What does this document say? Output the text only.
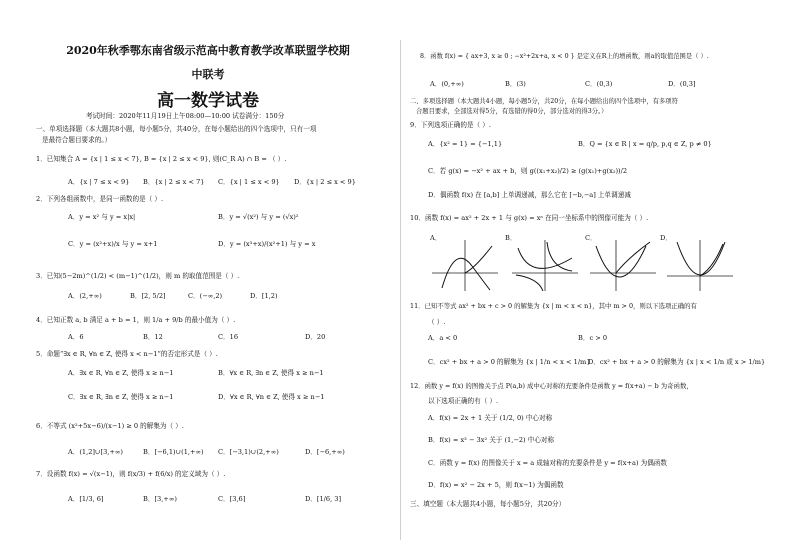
2020年秋季鄂东南省级示范高中教育教学改革联盟学校期
中联考
高一数学试卷
考试时间：2020年11月19日上午08:00—10:00 试卷满分：150分
一、单项选择题（本大题共8小题，每小题5分，共40分，在每小题给出的四个选项中，只有一项
是最符合题目要求的。）
1．已知集合 A = {x | 1 ≤ x < 7}, B = {x | 2 ≤ x < 9}, 则(C_R A) ∩ B = （ ）.
A．{x | 7 ≤ x < 9} B．{x | 2 ≤ x < 7} C．{x | 1 ≤ x < 9} D．{x | 2 ≤ x < 9}
2．下列各组函数中，是同一函数的是（ ）.
A．y = x² 与 y = x|x|	B．y = √(x²) 与 y = (√x)²
C．y = (x²+x)/x 与 y = x+1	D．y = (x³+x)/(x²+1) 与 y = x
3．已知(5−2m)^(1/2) < (m−1)^(1/2)，则 m 的取值范围是（ ）.
A．(2,+∞)	B．[2, 5/2]	C．(−∞,2)	D．[1,2)
4．已知正数 a, b 满足 a + b = 1，则 1/a + 9/b 的最小值为（ ）.
A．6	B．12	C．16	D．20
5．命题“∃x ∈ R, ∀n ∈ Z, 使得 x < n−1”的否定形式是（ ）.
A．∃x ∈ R, ∀n ∈ Z, 使得 x ≥ n−1	B．∀x ∈ R, ∃n ∈ Z, 使得 x ≥ n−1
C．∃x ∈ R, ∃n ∈ Z, 使得 x ≥ n−1	D．∀x ∈ R, ∀n ∈ Z, 使得 x ≥ n−1
6．不等式 (x²+5x−6)/(x−1) ≥ 0 的解集为（ ）.
A．(1,2]∪[3,+∞)	B．[−6,1)∪(1,+∞) C．[−3,1)∪(2,+∞)	D．[−6,+∞)
7．设函数 f(x) = √(x−1)，则 f(x/3) + f(6/x) 的定义域为（ ）.
A．[1/3, 6]	B．[3,+∞)	C．[3,6]	D．[1/6, 3]
8．函数 f(x) = { ax+3, x ≥ 0 ; −x²+2x+a, x < 0 } 是定义在R上的增函数，则a的取值范围是（ ）.
A．(0,+∞)	B．(3)	C．(0,3)	D．(0,3]
二、多项选择题（本大题共4小题，每小题5分，共20分，在每小题给出的四个选项中，有多项符
合题目要求，全部选对得5分，有选错的得0分，部分选对的得3分。）
9．下列选项正确的是（ ）.
A．{x² = 1} = {−1,1}	B．Q = {x ∈ R | x = q/p, p,q ∈ Z, p ≠ 0}
C．若 g(x) = −x² + ax + b，则 g((x₁+x₂)/2) ≥ (g(x₁)+g(x₂))/2
D．偶函数 f(x) 在 [a,b] 上单调递减，那么它在 [−b,−a] 上单调递减
10．函数 f(x) = ax² + 2x + 1 与 g(x) = xᵃ 在同一坐标系中的图像可能为（ ）.
A．	B．	C．	D．
11．已知不等式 ax² + bx + c > 0 的解集为 {x | m < x < n}，其中 m > 0，则以下选项正确的有
（ ）.
A．a < 0	B．c > 0
C．cx² + bx + a > 0 的解集为 {x | 1/n < x < 1/m}
D．cx² + bx + a > 0 的解集为 {x | x < 1/n 或 x > 1/m}
12．函数 y = f(x) 的图像关于点 P(a,b) 成中心对称的充要条件是函数 y = f(x+a) − b 为奇函数，
以下选项正确的有（ ）.
A．f(x) = 2x + 1 关于 (1/2, 0) 中心对称
B．f(x) = x³ − 3x² 关于 (1,−2) 中心对称
C．函数 y = f(x) 的图像关于 x = a 成轴对称的充要条件是 y = f(x+a) 为偶函数
D．f(x) = x² − 2x + 5，则 f(x−1) 为偶函数
三、填空题（本大题共4小题，每小题5分，共20分）
